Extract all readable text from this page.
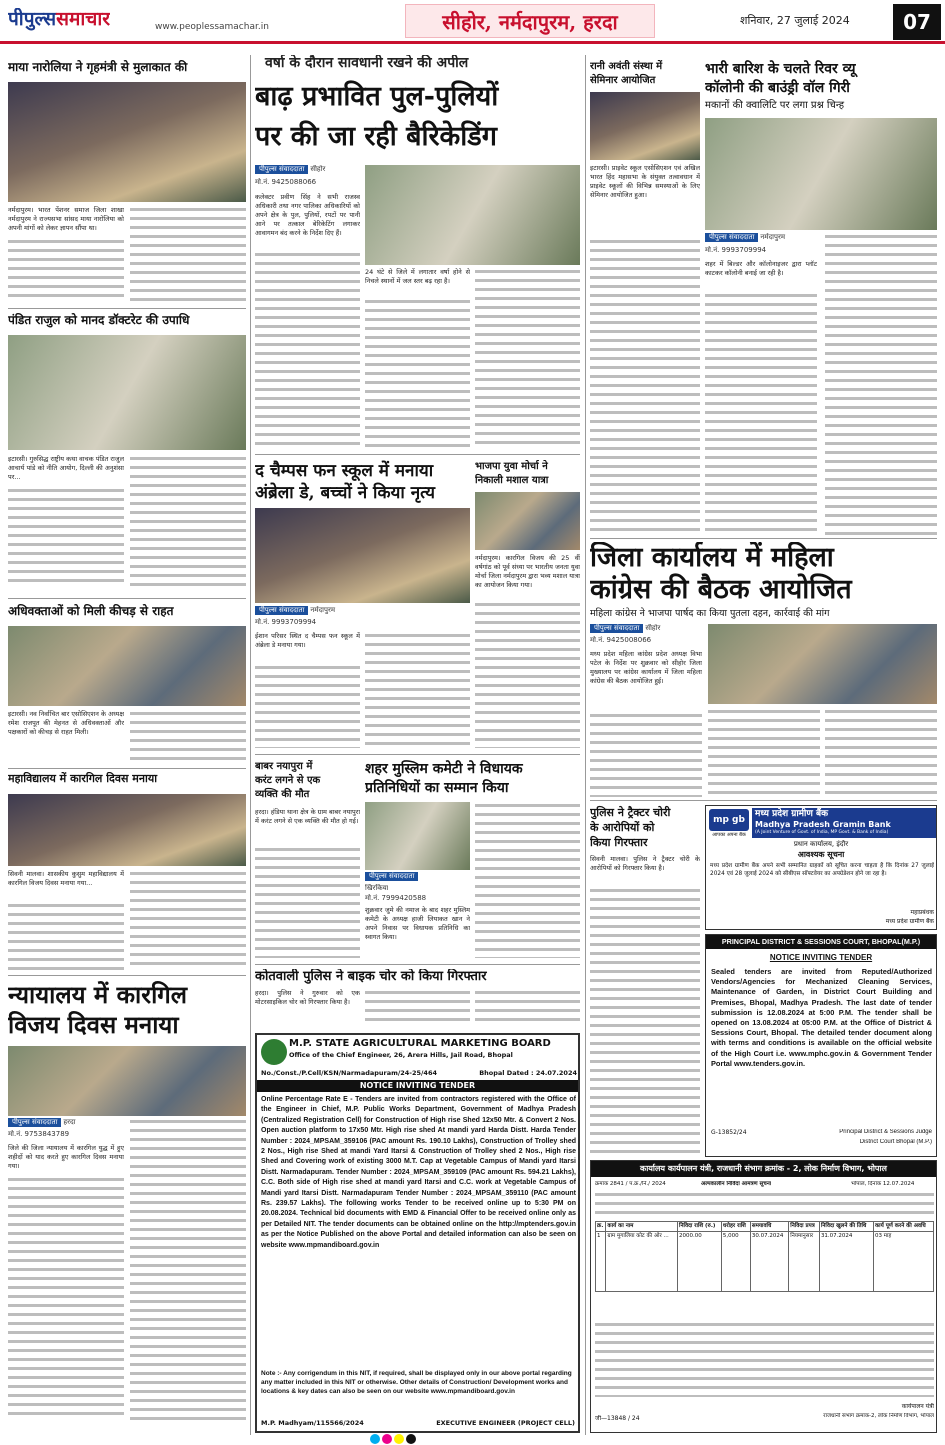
पीपुल्ससमाचार	www.peoplessamachar.in	सीहोर, नर्मदापुरम, हरदा	शनिवार, 27 जुलाई 2024	07
माया नारोलिया ने गृहमंत्री से मुलाकात की
नर्मदापुरम। भारत पेंशनर समाज जिला शाखा नर्मदापुरम ने राज्यसभा सांसद माया नारोलिया को अपनी मांगों को लेकर ज्ञापन सौंपा था।

पंडित राजुल को मानद डॉक्टरेट की उपाधि
इटारसी। गुरुसिद्ध राष्ट्रीय कथा वाचक पंडित राजुल आचार्य पांडे को नीति आयोग, दिल्ली की अनुशंसा पर...

अधिवक्ताओं को मिली कीचड़ से राहत
इटारसी। नव निर्वाचित बार एसोसिएशन के अध्यक्ष रमेश राजपूत की मेहनत से अधिवक्ताओं और पक्षकारों को कीचड़ से राहत मिली।

महाविद्यालय में कारगिल दिवस मनाया
सिवनी मालवा। शासकीय कुसुम महाविद्यालय में कारगिल विजय दिवस मनाया गया...

न्यायालय में कारगिल
विजय दिवस मनाया
पीपुल्स संवाददाता हरदा
मो.नं. 9753843789
जिले की जिला न्यायालय में कारगिल युद्ध में हुए शहीदों को याद करते हुए कारगिल दिवस मनाया गया।

वर्षा के दौरान सावधानी रखने की अपील
बाढ़ प्रभावित पुल-पुलियों
पर की जा रही बैरिकेडिंग
पीपुल्स संवाददाता सीहोर
मो.नं. 9425088066
कलेक्टर प्रवीण सिंह ने सभी राजस्व अधिकारी तथा नगर पालिका अधिकारियों को अपने क्षेत्र के पुल, पुलियों, रपटों पर पानी आने पर तत्काल बेरिकेटिंग लगाकर आवागमन बंद करने के निर्देश दिए हैं।

24 घंटे से जिले में लगातार वर्षा होने से निचले स्थानों में जल स्तर बढ़ रहा है।

द चैम्पस फन स्कूल में मनाया
अंब्रेला डे, बच्चों ने किया नृत्य
पीपुल्स संवाददाता नर्मदापुरम
मो.नं. 9993709994
ईशान परिसर स्थित द चैम्पस फन स्कूल में अंब्रेला डे मनाया गया।

भाजपा युवा मोर्चा ने
निकाली मशाल यात्रा
नर्मदापुरम। कारगिल विजय की 25 वीं वर्षगांठ को पूर्व संध्या पर भारतीय जनता युवा मोर्चा जिला नर्मदापुरम द्वारा भव्य मशाल यात्रा का आयोजन किया गया।

बाबर नयापुरा में
करंट लगने से एक
व्यक्ति की मौत
हरदा। हंडिया थाना क्षेत्र के ग्राम बाबर नयापुरा में करंट लगने से एक व्यक्ति की मौत हो गई।

शहर मुस्लिम कमेटी ने विधायक
प्रतिनिधियों का सम्मान किया
पीपुल्स संवाददाता
खिरकिया
मो.नं. 7999420588
शुक्रवार जुमे की नमाज के बाद शहर मुस्लिम कमेटी के अध्यक्ष हाजी लियाकत खान ने अपने निवास पर विधायक प्रतिनिधि का स्वागत किया।

कोतवाली पुलिस ने बाइक चोर को किया गिरफ्तार
हरदा। पुलिस ने गुरुवार को एक मोटरसाइकिल चोर को गिरफ्तार किया है।

M.P. STATE AGRICULTURAL MARKETING BOARD
Office of the Chief Engineer, 26, Arera Hills, Jail Road, Bhopal
No./Const./P.Cell/KSN/Narmadapuram/24-25/464	Bhopal Dated : 24.07.2024
NOTICE INVITING TENDER
Online Percentage Rate E - Tenders are invited from contractors registered with the Office of the Engineer in Chief, M.P. Public Works Department, Government of Madhya Pradesh (Centralized Registration Cell) for Construction of High rise Shed 12x50 Mtr. & Convert 2 Nos. Open auction platform to 17x50 Mtr. High rise shed At mandi yard Harda Distt. Harda Tender Number : 2024_MPSAM_359106 (PAC amount Rs. 190.10 Lakhs), Construction of Trolley shed 2 Nos., High rise Shed at mandi Yard Itarsi & Construction of Trolley shed 2 Nos., High rise Shed and Covering work of existing 3000 M.T. Cap at Vegetable Campus of Mandi yard Itarsi Distt. Narmadapuram. Tender Number : 2024_MPSAM_359109 (PAC amount Rs. 594.21 Lakhs), C.C. Both side of High rise shed at mandi yard Itarsi and C.C. work at Vegetable Campus of Mandi yard Itarsi Distt. Narmadapuram Tender Number : 2024_MPSAM_359110 (PAC amount Rs. 239.57 Lakhs). The following works Tender to be received online up to 5:30 PM on 20.08.2024. Technical bid documents with EMD & Financial Offer to be received online only as per Detailed NIT. The tender documents can be obtained online on the http://mptenders.gov.in as per the Notice Published on the above Portal and detailed information can also be seen on website www.mpmandiboard.gov.in
Note :- Any corrigendum in this NIT, if required, shall be displayed only in our above portal regarding any matter included in this NIT or otherwise. Other details of Construction/ Development works and locations & key dates can also be seen on our website www.mpmandiboard.gov.in
M.P. Madhyam/115566/2024	EXECUTIVE ENGINEER (PROJECT CELL)
रानी अवंती संस्था में
सेमिनार आयोजित
इटारसी। प्राइवेट स्कूल एसोसिएशन एवं अखिल भारत हिंद महासभा के संयुक्त तत्वावधान में प्राइवेट स्कूलों की विभिन्न समस्याओं के लिए सेमिनार आयोजित हुआ।

भारी बारिश के चलते रिवर व्यू
कॉलोनी की बाउंड्री वॉल गिरी
मकानों की क्वालिटि पर लगा प्रश्न चिन्ह
पीपुल्स संवाददाता नर्मदापुरम
मो.नं. 9993709994
शहर में बिल्डर और कॉलोनाइजर द्वारा प्लॉट काटकर कॉलोनी बनाई जा रही है।

जिला कार्यालय में महिला
कांग्रेस की बैठक आयोजित
महिला कांग्रेस ने भाजपा पार्षद का किया पुतला दहन, कार्रवाई की मांग
पीपुल्स संवाददाता सीहोर
मो.नं. 9425008066
मध्य प्रदेश महिला कांग्रेस प्रदेश अध्यक्ष विभा पटेल के निर्देश पर शुक्रवार को सीहोर जिला मुख्यालय पर कांग्रेस कार्यालय में जिला महिला कांग्रेस की बैठक आयोजित हुई।

पुलिस ने ट्रैक्टर चोरी
के आरोपियों को
किया गिरफ्तार
सिवनी मालवा। पुलिस ने ट्रैक्टर चोरी के आरोपियों को गिरफ्तार किया है।

mp gb
आपका अपना बैंक
मध्य प्रदेश ग्रामीण बैंक
Madhya Pradesh Gramin Bank
(A Joint Venture of Govt. of India, MP Govt. & Bank of India)
प्रधान कार्यालय, इंदौर
आवश्यक सूचना
मध्य प्रदेश ग्रामीण बैंक अपने सभी सम्मानित ग्राहकों को सूचित करना चाहता है कि दिनांक 27 जुलाई 2024 एवं 28 जुलाई 2024 को सीबीएस सॉफ्टवेयर का अपग्रेडेशन होने जा रहा है।
महाप्रबंधक
मध्य प्रदेश ग्रामीण बैंक
PRINCIPAL DISTRICT & SESSIONS COURT, BHOPAL(M.P.)
NOTICE INVITING TENDER
Sealed tenders are invited from Reputed/Authorized Vendors/Agencies for Mechanized Cleaning Services, Maintenance of Garden, in District Court Building and Premises, Bhopal, Madhya Pradesh. The last date of tender submission is 12.08.2024 at 5:00 P.M. The tender shall be opened on 13.08.2024 at 05:00 P.M. at the Office of District & Sessions Court, Bhopal. The detailed tender document along with terms and conditions is available on the official website of the High Court i.e. www.mphc.gov.in & Government Tender Portal www.tenders.gov.in.
G-13852/24	Principal District & Sessions Judge
District Court Bhopal (M.P.)
कार्यालय कार्यपालन यंत्री, राजधानी संभाग क्रमांक - 2, लोक निर्माण विभाग, भोपाल
क्रमांक 2841 / प.क्र./नि./ 2024	अल्पकालीन निविदा आमंत्रण सूचना	भोपाल, दिनांक 12.07.2024

क्र.	कार्य का नाम	निविदा राशि (रु.)	धरोहर राशि	समयावधि	निविदा प्रपत्र	निविदा खुलने की तिथि	कार्य पूर्ण करने की अवधि
1	ग्राम मुगालिया कोट की ओर ...	2000.00	5,000	30.07.2024	नियमानुसार	31.07.2024	03 माह

जी—13848 / 24
कार्यपालन यंत्री
राजधानी संभाग क्रमांक-2, लोक निर्माण विभाग, भोपाल
